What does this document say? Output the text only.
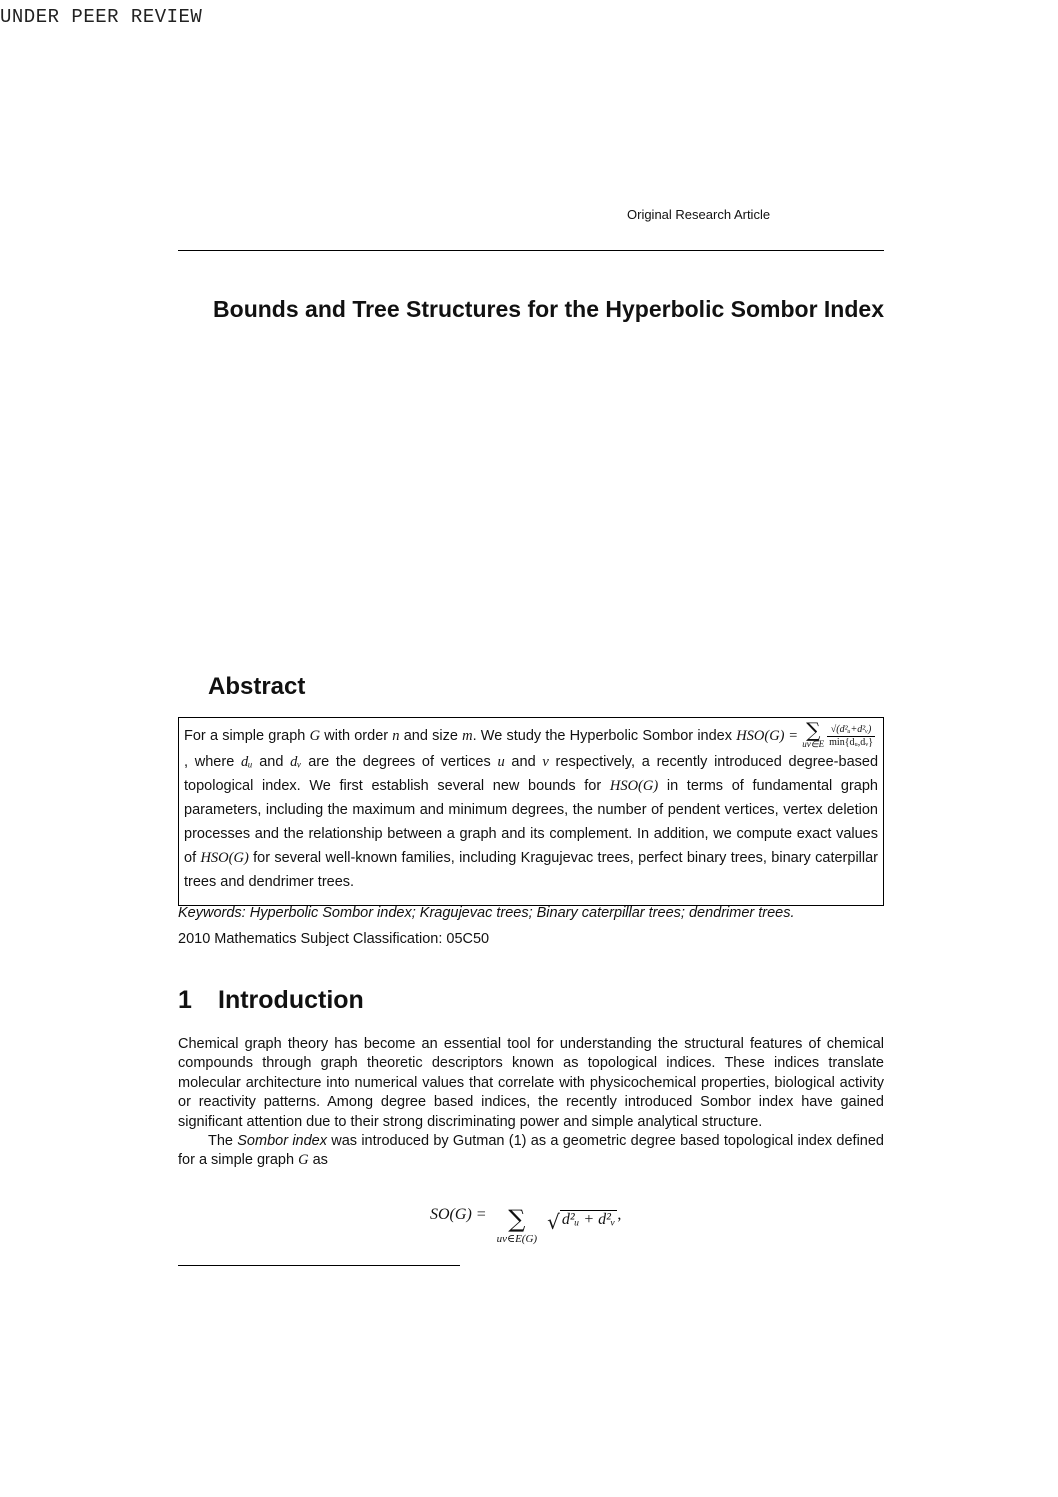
UNDER PEER REVIEW
Original Research Article
Bounds and Tree Structures for the Hyperbolic Sombor Index
Abstract

For a simple graph G with order n and size m. We study the Hyperbolic Sombor index HSO(G) = ∑
uv∈E $\frac{\text{√(d²ᵤ+d²ᵥ)}}{\text{min\{dᵤ,dᵥ\}}}$
, where dᵤ and dᵥ are the degrees of vertices u and v respectively, a recently introduced degree-based topological index. We first establish several new bounds for HSO(G) in terms of fundamental graph parameters, including the maximum and minimum degrees, the number of pendent vertices, vertex deletion processes and the relationship between a graph and its complement. In addition, we compute exact values of HSO(G) for several well-known families, including Kragujevac trees, perfect binary trees, binary caterpillar trees and dendrimer trees.

Keywords: Hyperbolic Sombor index; Kragujevac trees; Binary caterpillar trees; dendrimer trees.
2010 Mathematics Subject Classification: 05C50
1 Introduction

Chemical graph theory has become an essential tool for understanding the structural features of chemical compounds through graph theoretic descriptors known as topological indices. These indices translate molecular architecture into numerical values that correlate with physicochemical properties, biological activity or reactivity patterns. Among degree based indices, the recently introduced Sombor index have gained significant attention due to their strong discriminating power and simple analytical structure.

The Sombor index was introduced by Gutman (1) as a geometric degree based topological index defined for a simple graph G as

SO(G) = ∑
uv∈E(G)
√ d²ᵤ + d²ᵥ ,
